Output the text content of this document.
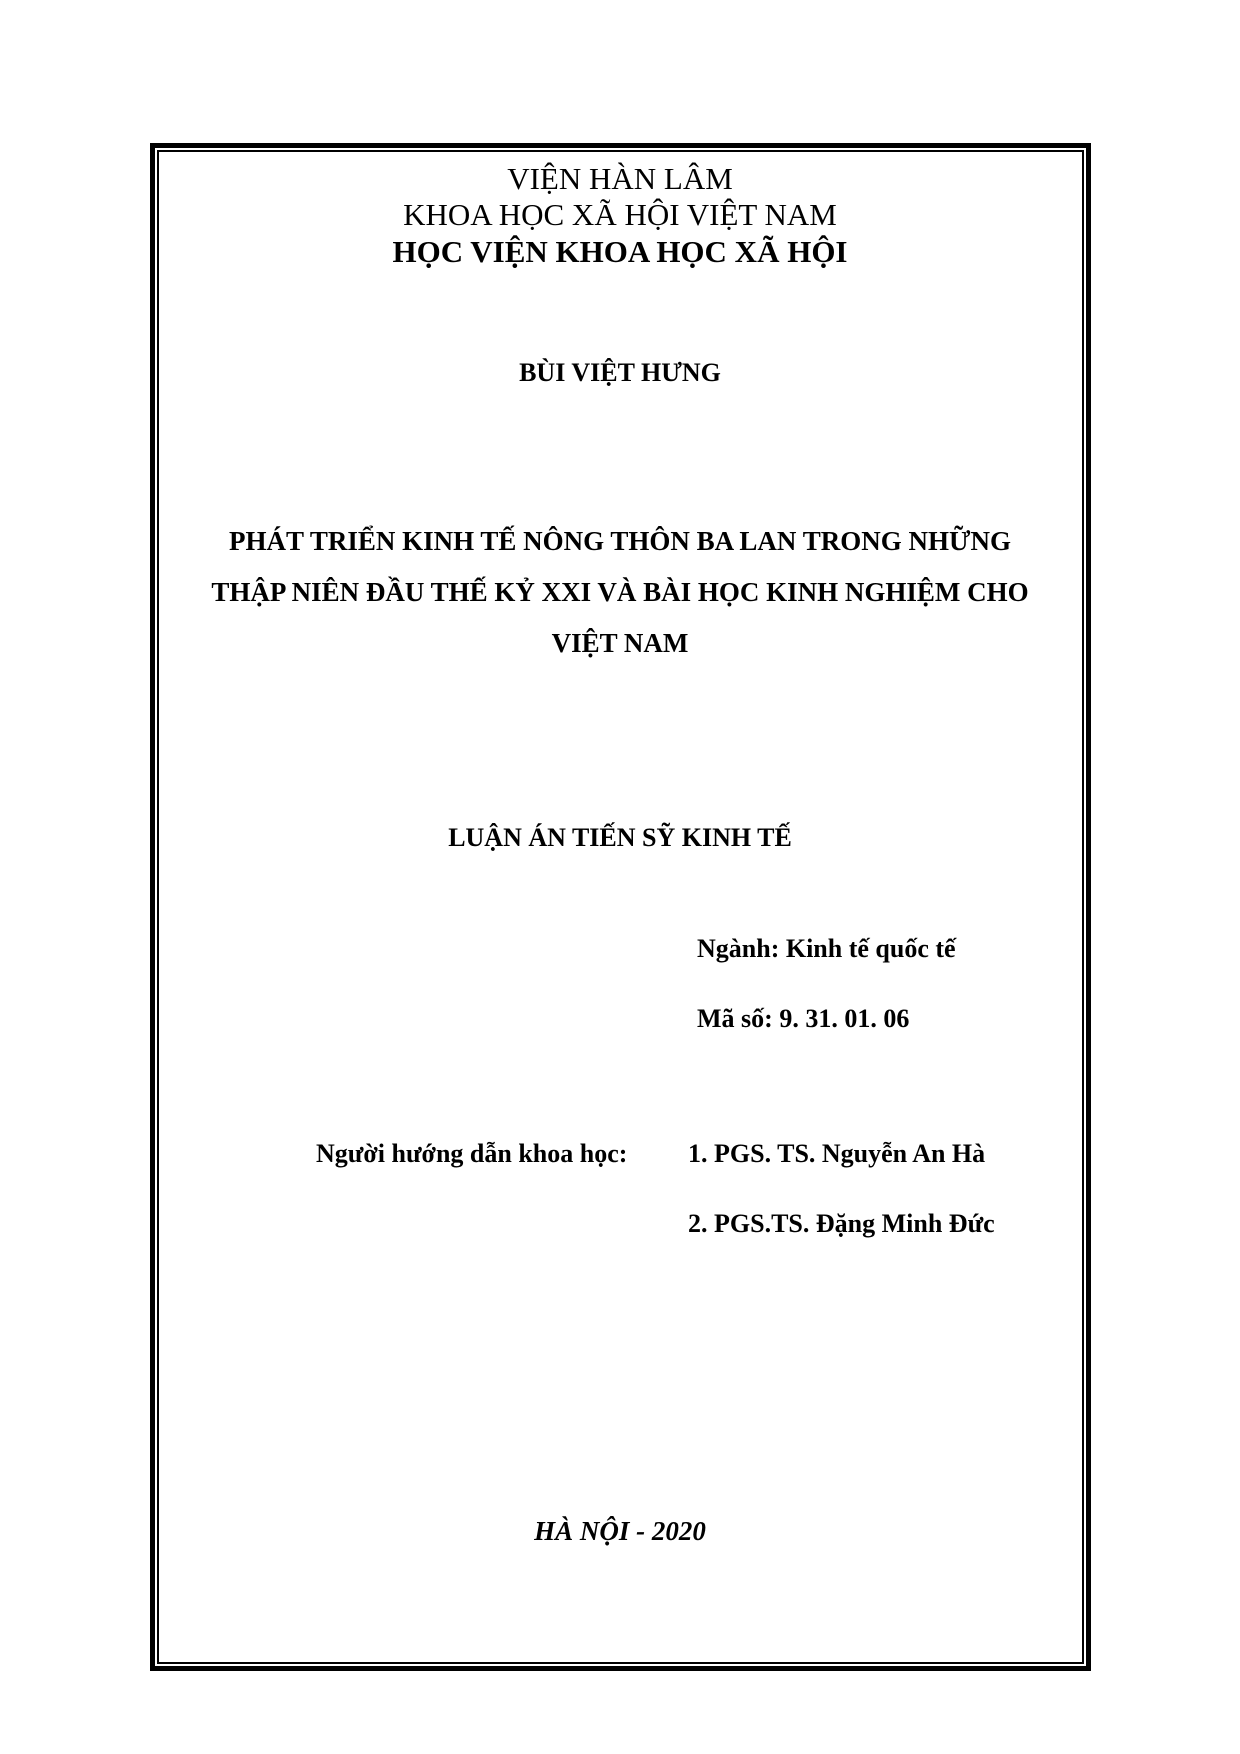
VIỆN HÀN LÂM
KHOA HỌC XÃ HỘI VIỆT NAM
HỌC VIỆN KHOA HỌC XÃ HỘI
BÙI VIỆT HƯNG
PHÁT TRIỂN KINH TẾ NÔNG THÔN BA LAN TRONG NHỮNG
THẬP NIÊN ĐẦU THẾ KỶ XXI VÀ BÀI HỌC KINH NGHIỆM CHO
VIỆT NAM
LUẬN ÁN TIẾN SỸ KINH TẾ
Ngành: Kinh tế quốc tế
Mã số: 9. 31. 01. 06
Người hướng dẫn khoa học: 1. PGS. TS. Nguyễn An Hà
2. PGS.TS. Đặng Minh Đức
HÀ NỘI - 2020
